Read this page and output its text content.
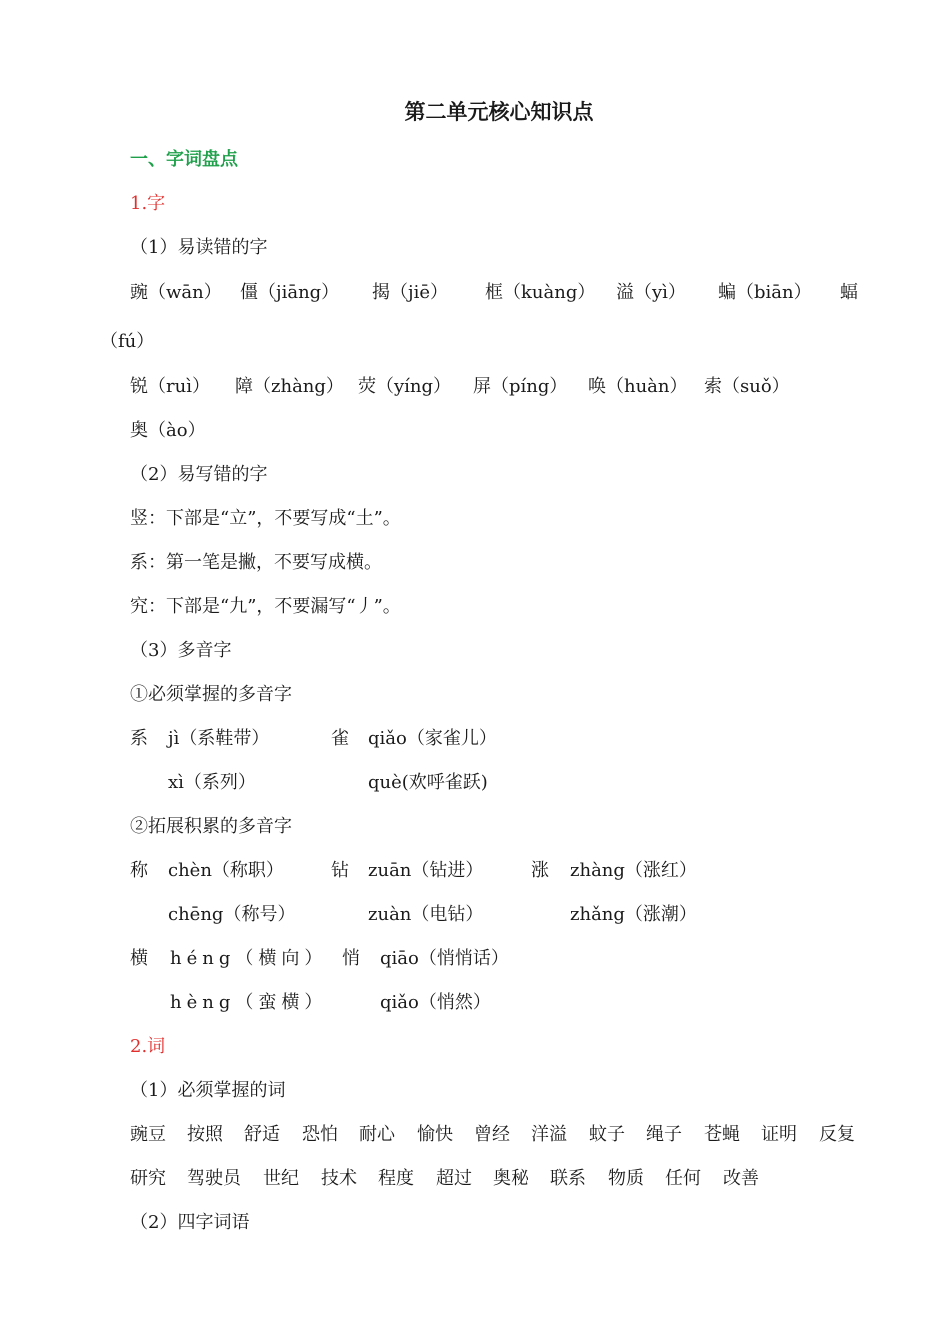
第二单元核心知识点
一、字词盘点
1.字
（1）易读错的字
豌（wān） 僵（jiāng） 揭（jiē） 框（kuàng） 溢（yì） 蝙（biān） 蝠
（fú）
锐（ruì） 障（zhàng） 荧（yíng） 屏（píng） 唤（huàn） 索（suǒ）
奥（ào）
（2）易写错的字
竖：下部是“立”，不要写成“土”。
系：第一笔是撇，不要写成横。
究：下部是“九”，不要漏写“丿”。
（3）多音字
①必须掌握的多音字
系 jì（系鞋带）	雀 qiǎo（家雀儿）
xì（系列）	què(欢呼雀跃)
②拓展积累的多音字
称 chèn（称职）	钻 zuān（钻进）	涨 zhàng（涨红）
chēng（称号）	zuàn（电钻）	zhǎng（涨潮）
横 héng（横向） 悄 qiāo（悄悄话）
hèng（蛮横）	qiǎo（悄然）
2.词
（1）必须掌握的词
豌豆 按照 舒适 恐怕 耐心 愉快 曾经 洋溢 蚊子 绳子 苍蝇 证明 反复
研究 驾驶员 世纪 技术 程度 超过 奥秘 联系 物质 任何 改善
（2）四字词语
